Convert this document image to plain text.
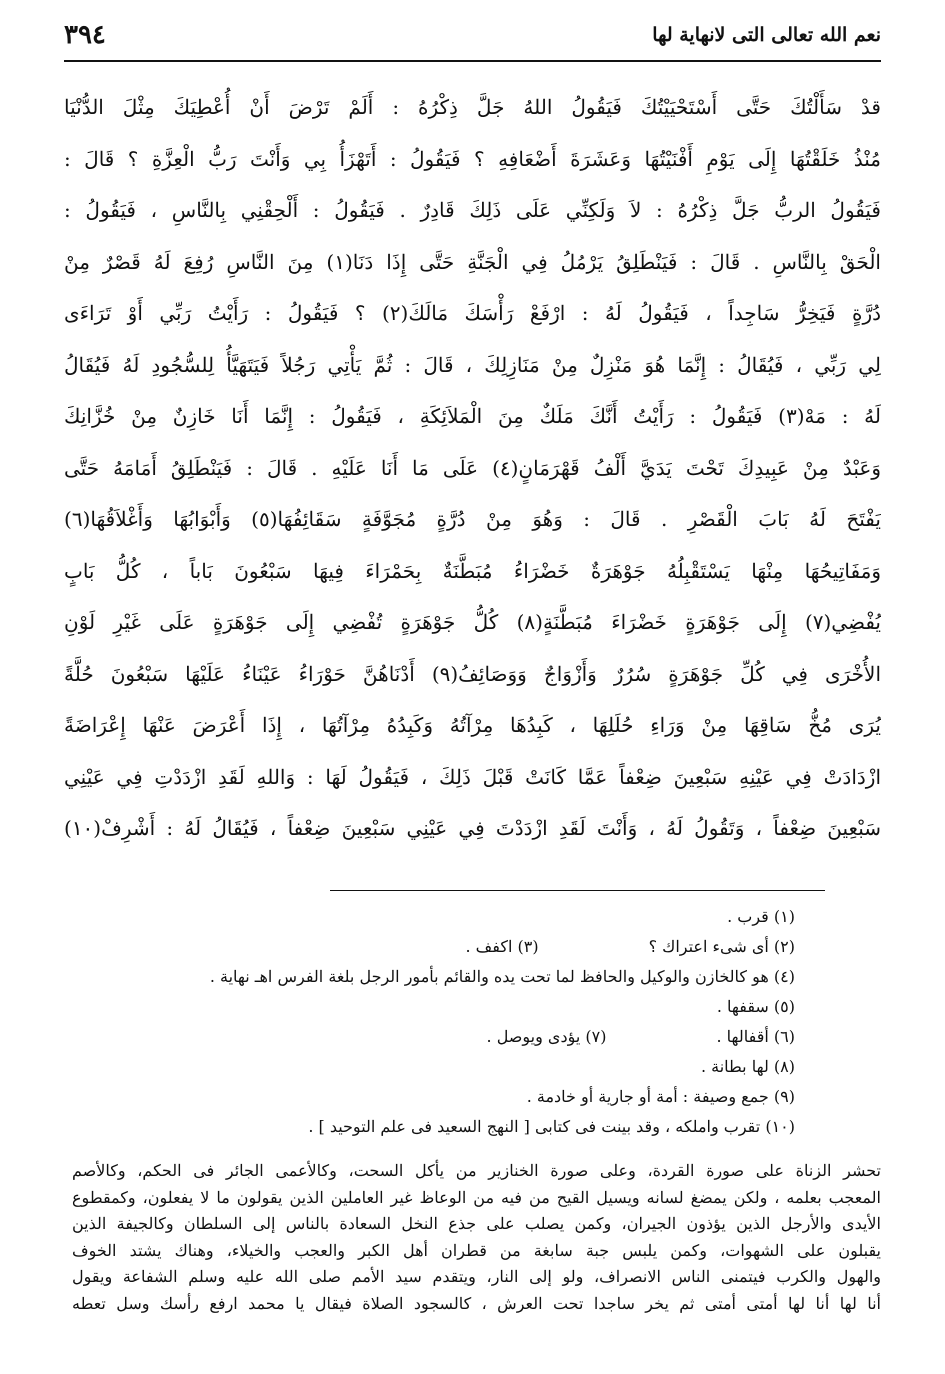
نعم الله تعالى التى لانهاية لها
٣٩٤
قدْ سَأَلْتُكَ حَتَّى أَسْتَحْيَيْتُكَ فَيَقُولُ اللهُ جَلَّ ذِكْرُهُ : أَلَمْ تَرْضَ أَنْ أُعْطِيَكَ مِثْلَ الدُّنْيَا
مُنْذُ خَلَقْتُهَا إِلَى يَوْمِ أَفْنَيْتُهَا وَعَشَرَةَ أَضْعَافِهِ ؟ فَيَقُولُ : أَتَهْزَأُ بِي وَأَنْتَ رَبُّ الْعِزَّةِ ؟ قَالَ :
فَيَقُولُ الربُّ جَلَّ ذِكْرُهُ : لاَ وَلَكِنِّي عَلَى ذَلِكَ قَادِرٌ . فَيَقُولُ : أَلْحِقْنِي بِالنَّاسِ ، فَيَقُولُ :
الْحَقْ بِالنَّاسِ . قَالَ : فَيَنْطَلِقُ يَرْمُلُ فِي الْجَنَّةِ حَتَّى إِذَا دَنَا(١) مِنَ النَّاسِ رُفِعَ لَهُ قَصْرٌ مِنْ
دُرَّةٍ فَيَخِرُّ سَاجِداً ، فَيَقُولُ لَهُ : ارْفَعْ رَأْسَكَ مَالَكَ(٢) ؟ فَيَقُولُ : رَأَيْتُ رَبِّي أَوْ تَرَاءَى
لِي رَبِّي ، فَيُقَالُ : إِنَّمَا هُوَ مَنْزِلٌ مِنْ مَنَازِلِكَ ، قَالَ : ثُمَّ يَأْتِي رَجُلاً فَيَتَهَيَّأُ لِلسُّجُودِ لَهُ فَيُقَالُ
لَهُ : مَهْ(٣) فَيَقُولُ : رَأَيْتُ أَنَّكَ مَلَكٌ مِنَ الْمَلاَئِكَةِ ، فَيَقُولُ : إِنَّمَا أَنَا خَازِنٌ مِنْ خُزَّانِكَ
وَعَبْدٌ مِنْ عَبِيدِكَ تَحْتَ يَدَيَّ أَلْفُ قَهْرَمَانٍ(٤) عَلَى مَا أَنَا عَلَيْهِ . قَالَ : فَيَنْطَلِقُ أَمَامَهُ حَتَّى
يَفْتَحَ لَهُ بَابَ الْقَصْرِ . قَالَ : وَهُوَ مِنْ دُرَّةٍ مُجَوَّفَةٍ سَقَائِفُهَا(٥) وَأَبْوَابُهَا وَأَغْلاَقُهَا(٦)
وَمَفَاتِيحُهَا مِنْهَا يَسْتَقْبِلُهُ جَوْهَرَةٌ خَضْرَاءُ مُبَطَّنَةٌ بِحَمْرَاءَ فِيهَا سَبْعُونَ بَاباً ، كُلُّ بَابٍ
يُفْضِي(٧) إِلَى جَوْهَرَةٍ خَضْرَاءَ مُبَطَّنَةٍ(٨) كُلُّ جَوْهَرَةٍ تُفْضِي إِلَى جَوْهَرَةٍ عَلَى غَيْرِ لَوْنِ
الأُخْرَى فِي كُلِّ جَوْهَرَةٍ سُرُرٌ وَأَزْوَاجٌ وَوَصَائِفُ(٩) أَدْنَاهُنَّ حَوْرَاءُ عَيْنَاءُ عَلَيْهَا سَبْعُونَ حُلَّةً
يُرَى مُخُّ سَاقِهَا مِنْ وَرَاءِ حُلَلِهَا ، كَبِدُهَا مِرْآتُهُ وَكَبِدُهُ مِرْآتُهَا ، إِذَا أَعْرَضَ عَنْهَا إِعْرَاضَةً
ازْدَادَتْ فِي عَيْنِهِ سَبْعِينَ ضِعْفاً عَمَّا كَانَتْ قَبْلَ ذَلِكَ ، فَيَقُولُ لَهَا : وَاللهِ لَقَدِ ازْدَدْتِ فِي عَيْنِي
سَبْعِينَ ضِعْفاً ، وَتَقُولُ لَهُ ، وَأَنْتَ لَقَدِ ازْدَدْتَ فِي عَيْنِي سَبْعِينَ ضِعْفاً ، فَيُقَالُ لَهُ : أَشْرِفْ(١٠)
(١) قرب .
(٢) أى شىء اعتراك ؟
(٣) اكفف .
(٤) هو كالخازن والوكيل والحافظ لما تحت يده والقائم بأمور الرجل بلغة الفرس اهـ نهاية .
(٥) سقفها .
(٦) أقفالها .
(٧) يؤدى ويوصل .
(٨) لها بطانة .
(٩) جمع وصيفة : أمة أو جارية أو خادمة .
(١٠) تقرب واملكه ، وقد بينت فى كتابى [ النهج السعيد فى علم التوحيد ] .
تحشر الزناة على صورة القردة، وعلى صورة الخنازير من يأكل السحت، وكالأعمى الجائر فى الحكم، وكالأصم
المعجب بعلمه ، ولكن يمضغ لسانه ويسيل القيح من فيه من الوعاظ غير العاملين الذين يقولون ما لا يفعلون، وكمقطوع
الأيدى والأرجل الذين يؤذون الجيران، وكمن يصلب على جذع النخل السعادة بالناس إلى السلطان وكالجيفة الذين
يقبلون على الشهوات، وكمن يلبس جبة سابغة من قطران أهل الكبر والعجب والخيلاء، وهناك يشتد الخوف
والهول والكرب فيتمنى الناس الانصراف، ولو إلى النار، ويتقدم سيد الأمم صلى الله عليه وسلم الشفاعة ويقول
أنا لها أنا لها أمتى أمتى ثم يخر ساجدا تحت العرش ، كالسجود الصلاة فيقال يا محمد ارفع رأسك وسل تعطه
